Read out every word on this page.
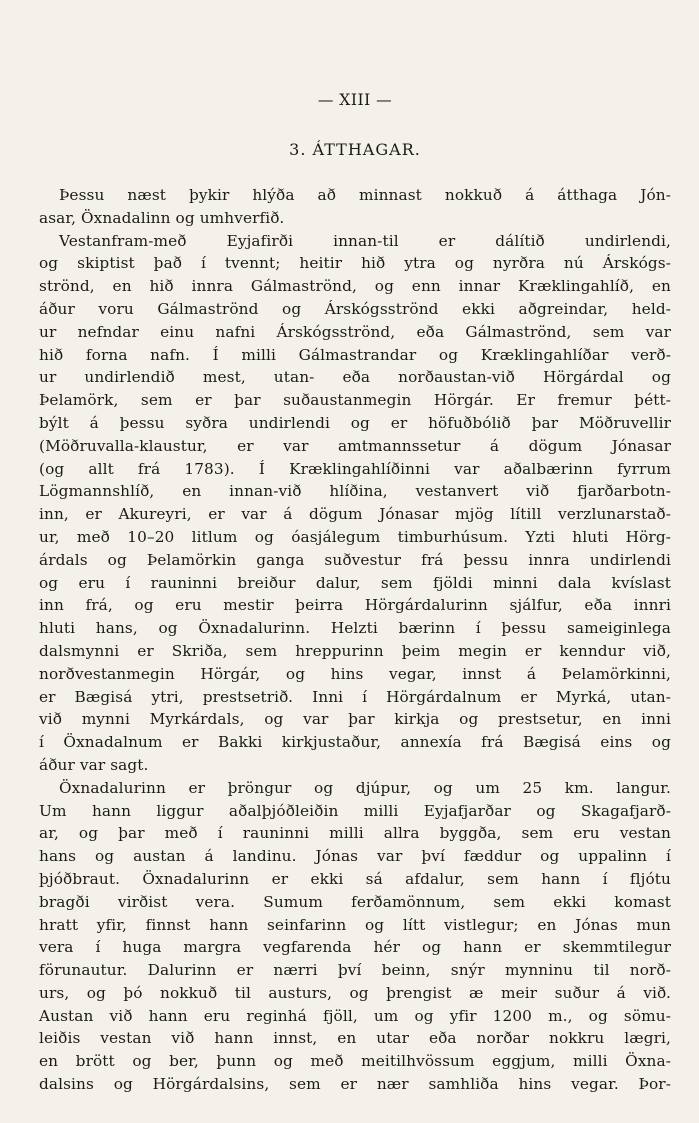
— XIII —
3. ÁTTHAGAR.
Þessu næst þykir hlýða að minnast nokkuð á átthaga Jón-
asar, Öxnadalinn og umhverfið.
Vestanfram-með Eyjafirði innan-til er dálítið undirlendi,
og skiptist það í tvennt; heitir hið ytra og nyrðra nú Árskógs-
strönd, en hið innra Gálmaströnd, og enn innar Kræklingahlíð, en
áður voru Gálmaströnd og Árskógsströnd ekki aðgreindar, held-
ur nefndar einu nafni Árskógsströnd, eða Gálmaströnd, sem var
hið forna nafn. Í milli Gálmastrandar og Kræklingahlíðar verð-
ur undirlendið mest, utan- eða norðaustan-við Hörgárdal og
Þelamörk, sem er þar suðaustanmegin Hörgár. Er fremur þétt-
býlt á þessu syðra undirlendi og er höfuðbólið þar Möðruvellir
(Möðruvalla-klaustur, er var amtmannssetur á dögum Jónasar
(og allt frá 1783). Í Kræklingahlíðinni var aðalbærinn fyrrum
Lögmannshlíð, en innan-við hlíðina, vestanvert við fjarðarbotn-
inn, er Akureyri, er var á dögum Jónasar mjög lítill verzlunarstað-
ur, með 10–20 litlum og óasjálegum timburhúsum. Yzti hluti Hörg-
árdals og Þelamörkin ganga suðvestur frá þessu innra undirlendi
og eru í rauninni breiður dalur, sem fjöldi minni dala kvíslast
inn frá, og eru mestir þeirra Hörgárdalurinn sjálfur, eða innri
hluti hans, og Öxnadalurinn. Helzti bærinn í þessu sameiginlega
dalsmynni er Skriða, sem hreppurinn þeim megin er kenndur við,
norðvestanmegin Hörgár, og hins vegar, innst á Þelamörkinni,
er Bægisá ytri, prestsetrið. Inni í Hörgárdalnum er Myrká, utan-
við mynni Myrkárdals, og var þar kirkja og prestsetur, en inni
í Öxnadalnum er Bakki kirkjustaður, annexía frá Bægisá eins og
áður var sagt.
Öxnadalurinn er þröngur og djúpur, og um 25 km. langur.
Um hann liggur aðalþjóðleiðin milli Eyjafjarðar og Skagafjarð-
ar, og þar með í rauninni milli allra byggða, sem eru vestan
hans og austan á landinu. Jónas var því fæddur og uppalinn í
þjóðbraut. Öxnadalurinn er ekki sá afdalur, sem hann í fljótu
bragði virðist vera. Sumum ferðamönnum, sem ekki komast
hratt yfir, finnst hann seinfarinn og lítt vistlegur; en Jónas mun
vera í huga margra vegfarenda hér og hann er skemmtilegur
förunautur. Dalurinn er nærri því beinn, snýr mynninu til norð-
urs, og þó nokkuð til austurs, og þrengist æ meir suður á við.
Austan við hann eru reginhá fjöll, um og yfir 1200 m., og sömu-
leiðis vestan við hann innst, en utar eða norðar nokkru lægri,
en brött og ber, þunn og með meitilhvössum eggjum, milli Öxna-
dalsins og Hörgárdalsins, sem er nær samhliða hins vegar. Þor-
